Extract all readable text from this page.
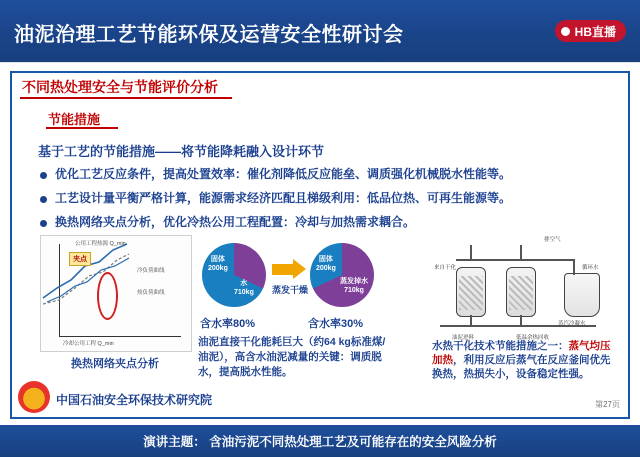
油泥治理工艺节能环保及运营安全性研讨会	HB直播
不同热处理安全与节能评价分析
节能措施
基于工艺的节能措施——将节能降耗融入设计环节
优化工艺反应条件，提高处置效率：催化剂降低反应能垒、调质强化机械脱水性能等。
工艺设计量平衡严格计算，能源需求经济匹配且梯级利用：低品位热、可再生能源等。
换热网络夹点分析，优化冷热公用工程配置：冷却与加热需求耦合。
夹点
公用工程热源 Q_min
冷负荷曲线
热负荷曲线
冷却公用工程 Q_min
换热网络夹点分析
固体
200kg
水
710kg	蒸发干燥
固体
200kg
蒸发掉水
710kg
含水率80%	含水率30%
油泥直接干化能耗巨大（约64 kg标准煤/油泥），高含水油泥减量的关键：调质脱水，提高脱水性能。
来自干化
排空气
循环水
蒸汽冷凝水
油泥进料	低温余热回收
水热干化技术节能措施之一：蒸气均压加热，利用反应后蒸气在反应釜间优先换热，热损失小，设备稳定性强。
中国石油安全环保技术研究院	第27页
演讲主题： 含油污泥不同热处理工艺及可能存在的安全风险分析
